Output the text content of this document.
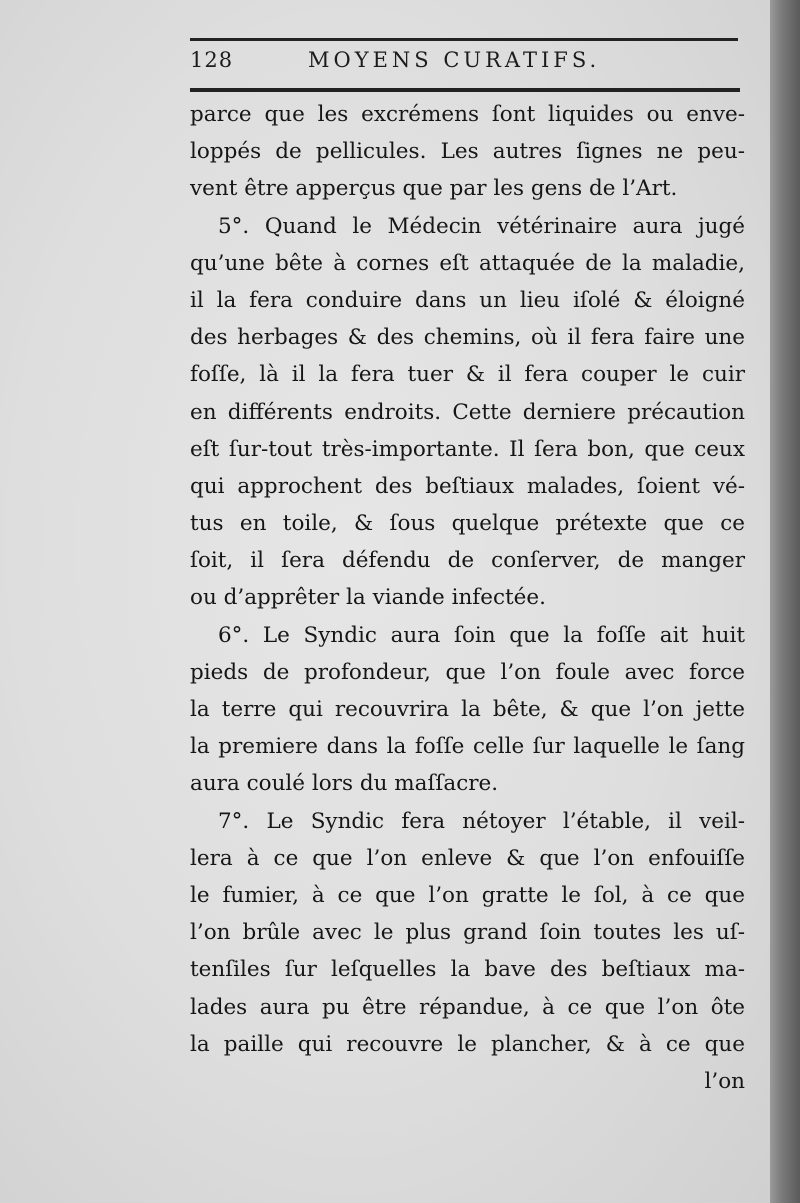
128	MOYENS CURATIFS.
parce que les excrémens ſont liquides ou enve-
loppés de pellicules. Les autres ſignes ne peu-
vent être apperçus que par les gens de l’Art.
5°. Quand le Médecin vétérinaire aura jugé
qu’une bête à cornes eſt attaquée de la maladie,
il la fera conduire dans un lieu iſolé & éloigné
des herbages & des chemins, où il fera faire une
foſſe, là il la fera tuer & il fera couper le cuir
en différents endroits. Cette derniere précaution
eſt ſur-tout très-importante. Il ſera bon, que ceux
qui approchent des beſtiaux malades, ſoient vé-
tus en toile, & ſous quelque prétexte que ce
ſoit, il ſera défendu de conſerver, de manger
ou d’apprêter la viande infectée.
6°. Le Syndic aura ſoin que la foſſe ait huit
pieds de profondeur, que l’on foule avec force
la terre qui recouvrira la bête, & que l’on jette
la premiere dans la foſſe celle ſur laquelle le ſang
aura coulé lors du maſſacre.
7°. Le Syndic fera nétoyer l’étable, il veil-
lera à ce que l’on enleve & que l’on enfouiſſe
le fumier, à ce que l’on gratte le ſol, à ce que
l’on brûle avec le plus grand ſoin toutes les uſ-
tenſiles ſur leſquelles la bave des beſtiaux ma-
lades aura pu être répandue, à ce que l’on ôte
la paille qui recouvre le plancher, & à ce que
l’on
